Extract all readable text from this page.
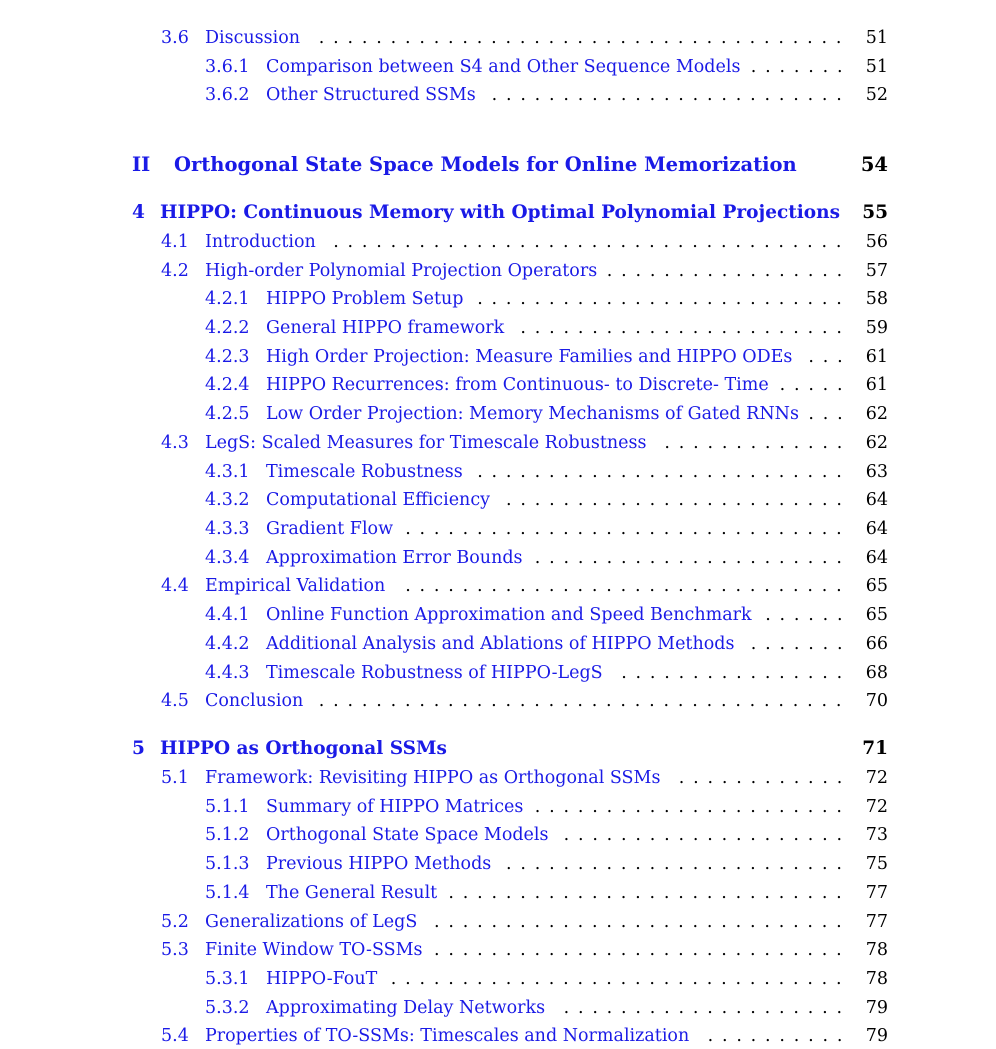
3.6 Discussion	51
.....................................
3.6.1 Comparison between S4 and Other Sequence Models	51
.......
3.6.2 Other Structured SSMs	52
.........................
II Orthogonal State Space Models for Online Memorization	54
4 HIPPO: Continuous Memory with Optimal Polynomial Projections 55
4.1 Introduction	56
....................................
4.2 High-order Polynomial Projection Operators	57
.................
4.2.1 HIPPO Problem Setup	58
..........................
4.2.2 General HIPPO framework	59
.......................
4.2.3 High Order Projection: Measure Families and HIPPO ODEs	61
...
4.2.4 HIPPO Recurrences: from Continuous- to Discrete- Time	61
.....
4.2.5 Low Order Projection: Memory Mechanisms of Gated RNNs	62
...
4.3 LegS: Scaled Measures for Timescale Robustness	62
.............
4.3.1 Timescale Robustness	63
..........................
4.3.2 Computational Efficiency	64
........................
4.3.3 Gradient Flow	64
...............................
4.3.4 Approximation Error Bounds	64
......................
4.4 Empirical Validation	65
...............................
4.4.1 Online Function Approximation and Speed Benchmark	65
......
4.4.2 Additional Analysis and Ablations of HIPPO Methods	66
.......
4.4.3 Timescale Robustness of HIPPO-LegS	68
................
4.5 Conclusion	70
.....................................
5 HIPPO as Orthogonal SSMs	71
5.1 Framework: Revisiting HIPPO as Orthogonal SSMs	72
............
5.1.1 Summary of HIPPO Matrices	72
......................
5.1.2 Orthogonal State Space Models	73
....................
5.1.3 Previous HIPPO Methods	75
........................
5.1.4 The General Result	77
............................
5.2 Generalizations of LegS	77
.............................
5.3 Finite Window TO-SSMs	78
.............................
5.3.1 HIPPO-FouT	78
................................
5.3.2 Approximating Delay Networks	79
....................
5.4 Properties of TO-SSMs: Timescales and Normalization	79
..........
